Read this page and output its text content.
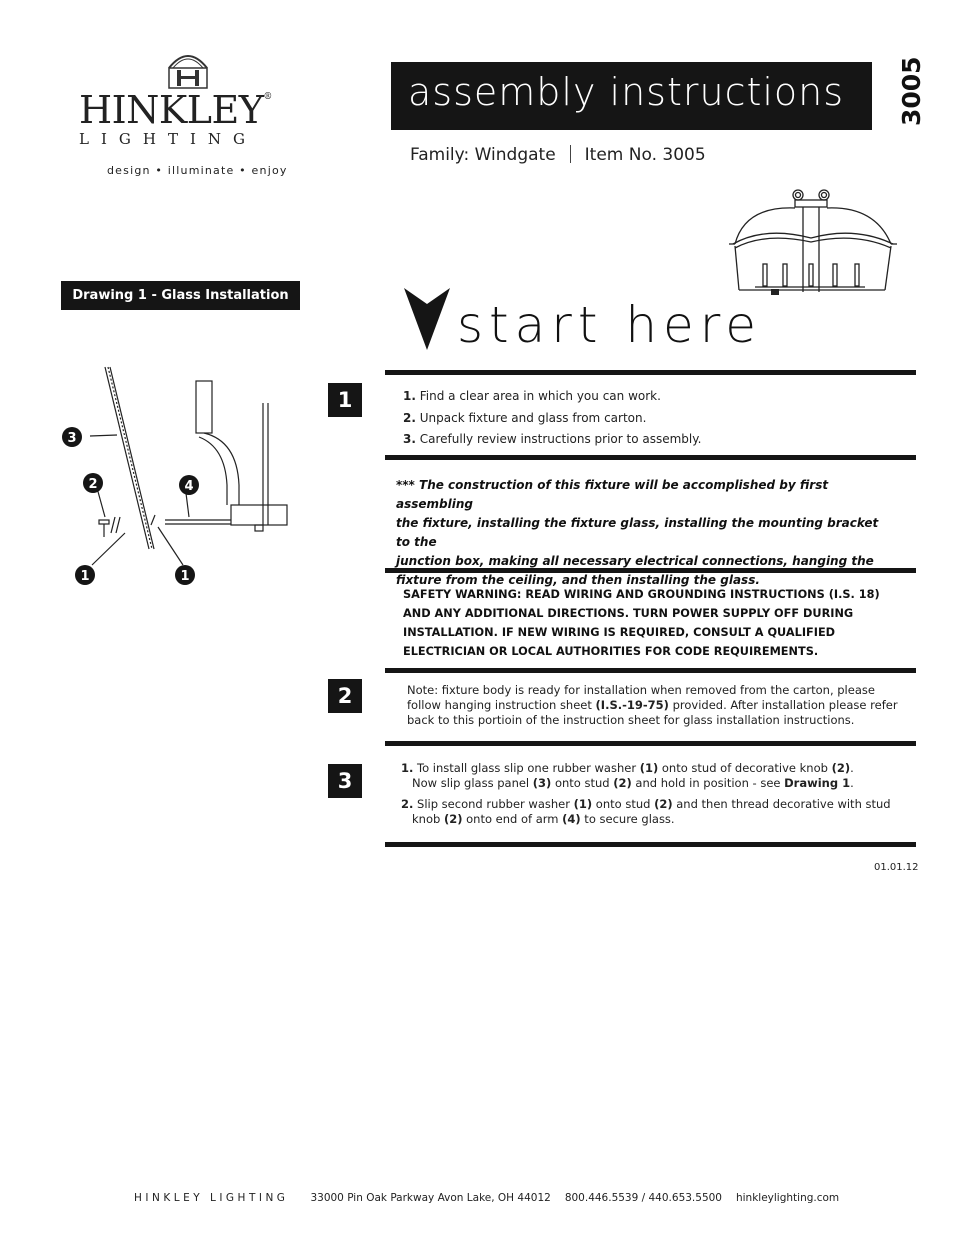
HINKLEY®
LIGHTING
design • illuminate • enjoy
assembly instructions	3005
Family: Windgate Item No. 3005
start here
Drawing 1 - Glass Installation
3
2	4
1	1
1
2
3
1. Find a clear area in which you can work.
2. Unpack fixture and glass from carton.
3. Carefully review instructions prior to assembly.
*** The construction of this fixture will be accomplished by first assembling
the fixture, installing the fixture glass, installing the mounting bracket to the
junction box, making all necessary electrical connections, hanging the
fixture from the ceiling, and then installing the glass.
SAFETY WARNING: READ WIRING AND GROUNDING INSTRUCTIONS (I.S. 18)
AND ANY ADDITIONAL DIRECTIONS. TURN POWER SUPPLY OFF DURING
INSTALLATION. IF NEW WIRING IS REQUIRED, CONSULT A QUALIFIED
ELECTRICIAN OR LOCAL AUTHORITIES FOR CODE REQUIREMENTS.
Note: fixture body is ready for installation when removed from the carton, please follow hanging instruction sheet (I.S.-19-75) provided. After installation please refer back to this portioin of the instruction sheet for glass installation instructions.
1. To install glass slip one rubber washer (1) onto stud of decorative knob (2).
Now slip glass panel (3) onto stud (2) and hold in position - see Drawing 1.
2. Slip second rubber washer (1) onto stud (2) and then thread decorative with stud
knob (2) onto end of arm (4) to secure glass.
01.01.12
HINKLEY LIGHTING 33000 Pin Oak Parkway Avon Lake, OH 44012 800.446.5539 / 440.653.5500 hinkleylighting.com
